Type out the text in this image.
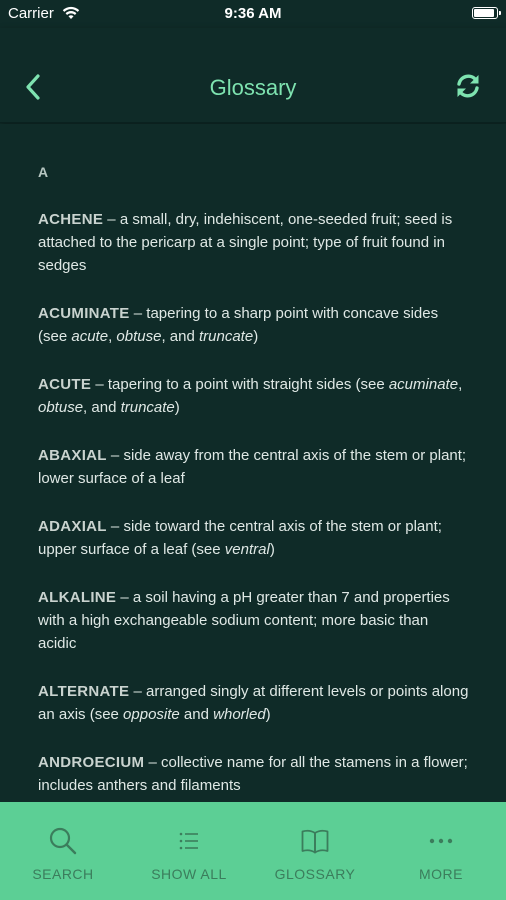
Carrier	9:36 AM
Glossary
A

ACHENE – a small, dry, indehiscent, one-seeded fruit; seed is attached to the pericarp at a single point; type of fruit found in sedges

ACUMINATE – tapering to a sharp point with concave sides (see acute, obtuse, and truncate)

ACUTE – tapering to a point with straight sides (see acuminate, obtuse, and truncate)

ABAXIAL – side away from the central axis of the stem or plant; lower surface of a leaf

ADAXIAL – side toward the central axis of the stem or plant; upper surface of a leaf (see ventral)

ALKALINE – a soil having a pH greater than 7 and properties with a high exchangeable sodium content; more basic than acidic

ALTERNATE – arranged singly at different levels or points along an axis (see opposite and whorled)

ANDROECIUM – collective name for all the stamens in a flower; includes anthers and filaments

SEARCH	SHOW ALL	GLOSSARY	MORE
